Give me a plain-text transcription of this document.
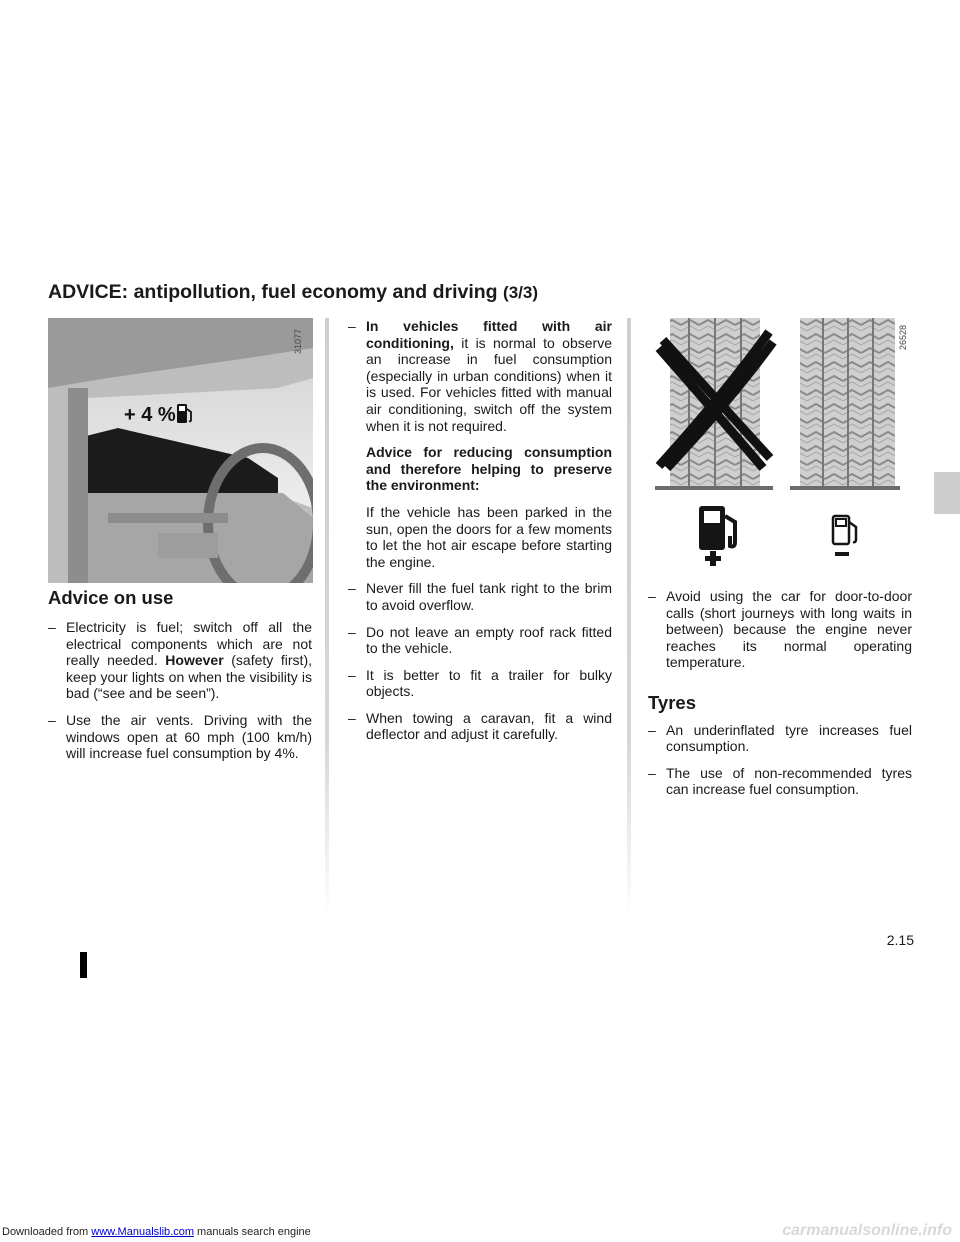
ADVICE: antipollution, fuel economy and driving (3/3)
+ 4 %
31077	26528
Advice on use
– Electricity is fuel; switch off all the electrical components which are not really needed. However (safety first), keep your lights on when the visibility is bad (“see and be seen”).
– Use the air vents. Driving with the windows open at 60 mph (100 km/h) will increase fuel consumption by 4%.
– In vehicles fitted with air conditioning, it is normal to observe an increase in fuel consumption (especially in urban conditions) when it is used. For vehicles fitted with manual air conditioning, switch off the system when it is not required.
Advice for reducing consumption and therefore helping to preserve the environment:
If the vehicle has been parked in the sun, open the doors for a few moments to let the hot air escape before starting the engine.
– Never fill the fuel tank right to the brim to avoid overflow.
– Do not leave an empty roof rack fitted to the vehicle.
– It is better to fit a trailer for bulky objects.
– When towing a caravan, fit a wind deflector and adjust it carefully.
– Avoid using the car for door-to-door calls (short journeys with long waits in between) because the engine never reaches its normal operating temperature.
Tyres
– An underinflated tyre increases fuel consumption.
– The use of non-recommended tyres can increase fuel consumption.
2.15
Downloaded from www.Manualslib.com manuals search engine	carmanualsonline.info
